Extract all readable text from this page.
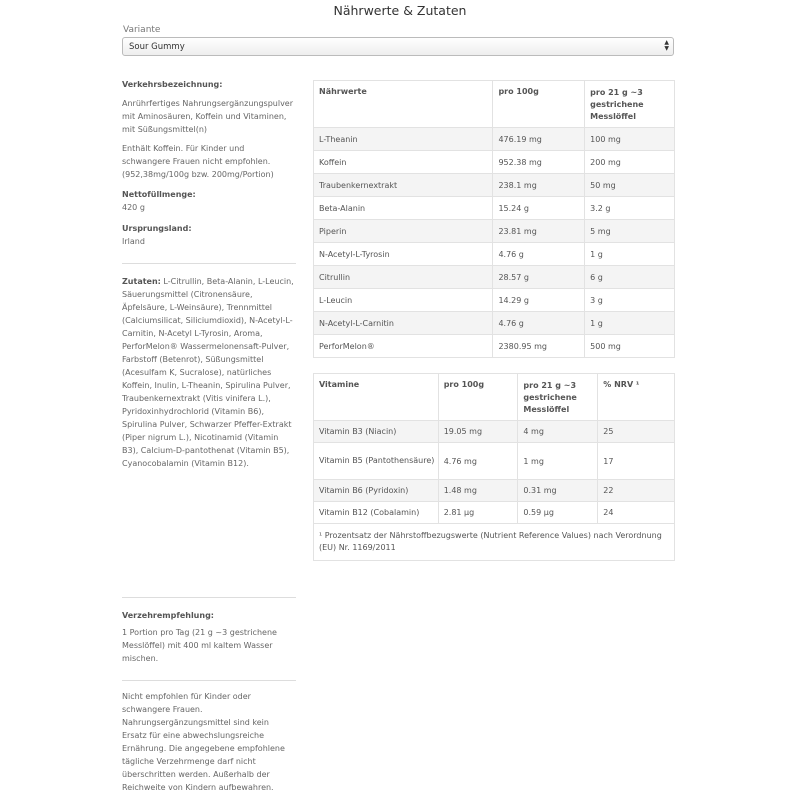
Nährwerte & Zutaten
Variante
Sour Gummy	▲
▼
Verkehrsbezeichnung:
Anrührfertiges Nahrungsergänzungspulver mit Aminosäuren, Koffein und Vitaminen, mit Süßungsmittel(n)
Enthält Koffein. Für Kinder und schwangere Frauen nicht empfohlen. (952,38mg/100g bzw. 200mg/Portion)
Nettofüllmenge:
420 g
Ursprungsland:
Irland
Zutaten: L-Citrullin, Beta-Alanin, L-Leucin, Säuerungsmittel (Citronensäure, Äpfelsäure, L-Weinsäure), Trennmittel (Calciumsilicat, Siliciumdioxid), N-Acetyl-L-Carnitin, N-Acetyl L-Tyrosin, Aroma, PerforMelon® Wassermelonensaft-Pulver, Farbstoff (Betenrot), Süßungsmittel (Acesulfam K, Sucralose), natürliches Koffein, Inulin, L-Theanin, Spirulina Pulver, Traubenkernextrakt (Vitis vinifera L.), Pyridoxinhydrochlorid (Vitamin B6), Spirulina Pulver, Schwarzer Pfeffer-Extrakt (Piper nigrum L.), Nicotinamid (Vitamin B3), Calcium-D-pantothenat (Vitamin B5), Cyanocobalamin (Vitamin B12).
Verzehrempfehlung:
1 Portion pro Tag (21 g ~3 gestrichene Messlöffel) mit 400 ml kaltem Wasser mischen.
Nicht empfohlen für Kinder oder schwangere Frauen. Nahrungsergänzungsmittel sind kein Ersatz für eine abwechslungsreiche Ernährung. Die angegebene empfohlene tägliche Verzehrmenge darf nicht überschritten werden. Außerhalb der Reichweite von Kindern aufbewahren.
Nährwerte	pro 100g	pro 21 g ~3 gestrichene Messlöffel
L-Theanin	476.19 mg	100 mg
Koffein	952.38 mg	200 mg
Traubenkernextrakt	238.1 mg	50 mg
Beta-Alanin	15.24 g	3.2 g
Piperin	23.81 mg	5 mg
N-Acetyl-L-Tyrosin	4.76 g	1 g
Citrullin	28.57 g	6 g
L-Leucin	14.29 g	3 g
N-Acetyl-L-Carnitin	4.76 g	1 g
PerforMelon®	2380.95 mg	500 mg
Vitamine	pro 100g	pro 21 g ~3 gestrichene Messlöffel	% NRV ¹
Vitamin B3 (Niacin)	19.05 mg	4 mg	25
Vitamin B5 (Pantothensäure)	4.76 mg	1 mg	17
Vitamin B6 (Pyridoxin)	1.48 mg	0.31 mg	22
Vitamin B12 (Cobalamin)	2.81 µg	0.59 µg	24
¹ Prozentsatz der Nährstoffbezugswerte (Nutrient Reference Values) nach Verordnung (EU) Nr. 1169/2011			
